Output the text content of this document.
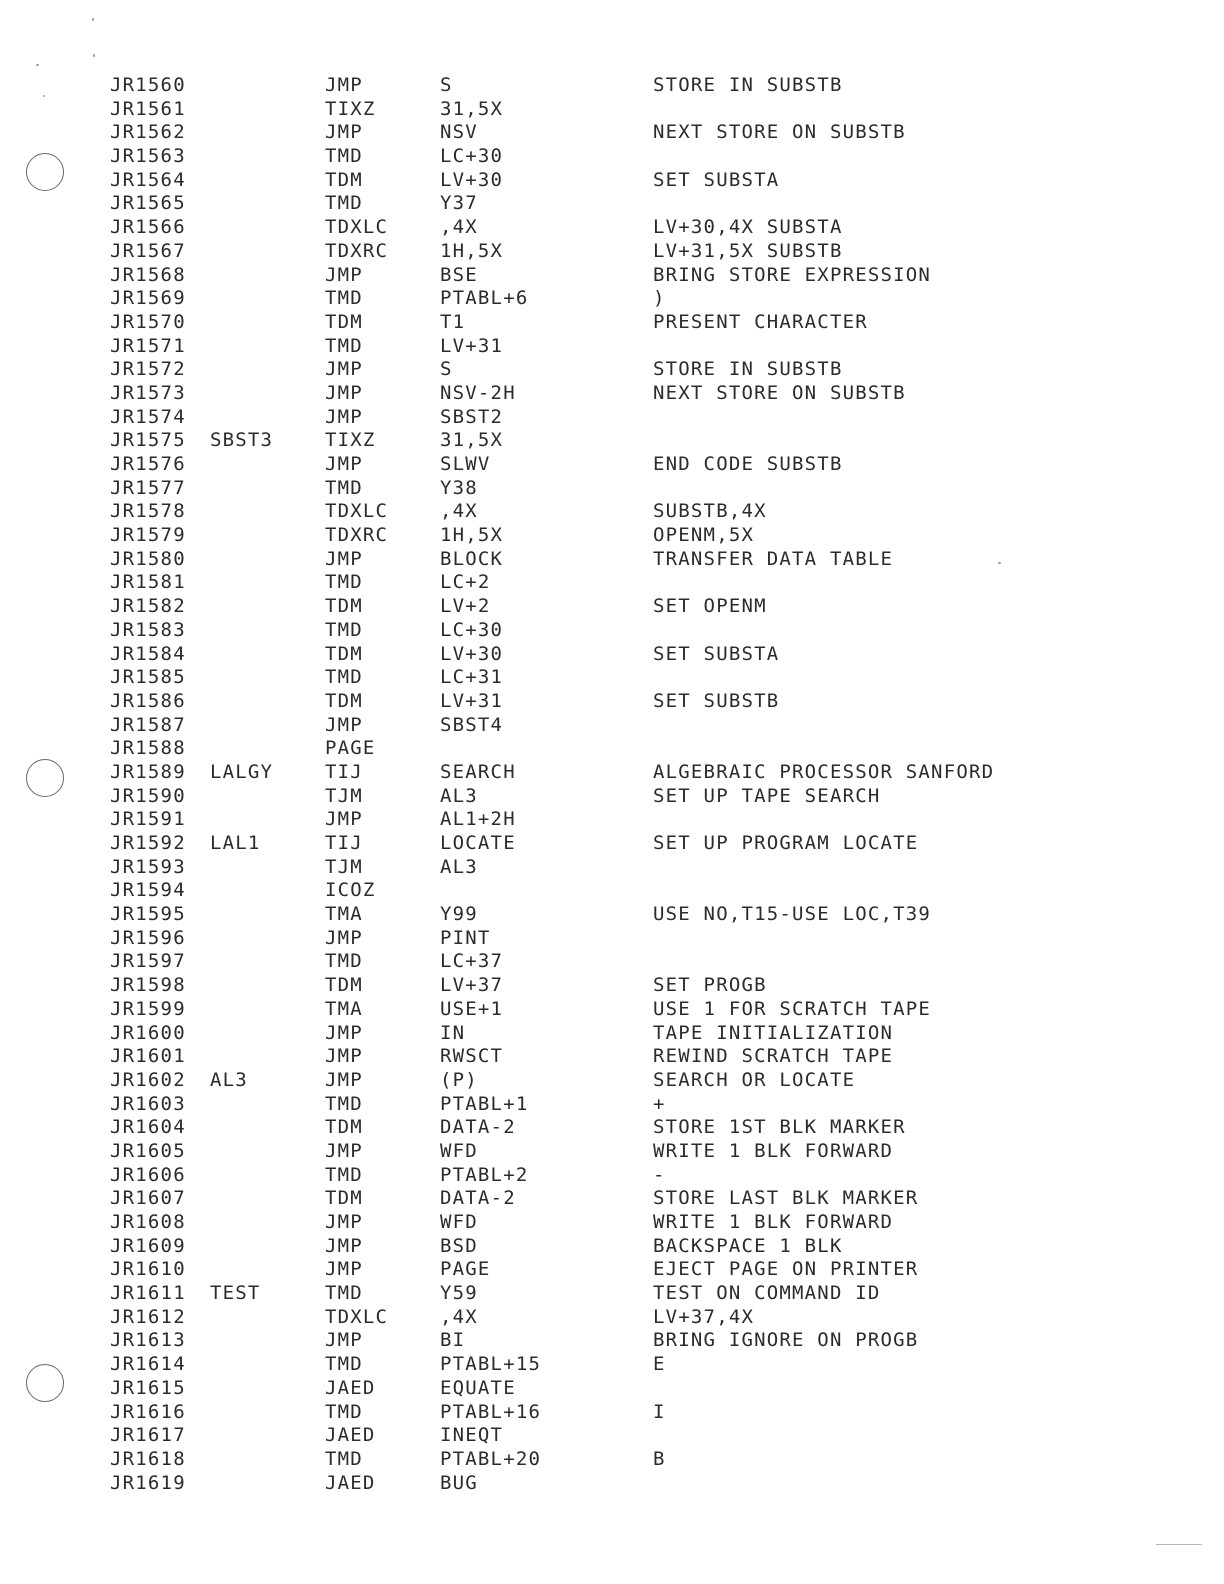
JR1560	JMP	S	STORE IN SUBSTB
JR1561	TIXZ	31,5X
JR1562	JMP	NSV	NEXT STORE ON SUBSTB
JR1563	TMD	LC+30
JR1564	TDM	LV+30	SET SUBSTA
JR1565	TMD	Y37
JR1566	TDXLC	,4X	LV+30,4X SUBSTA
JR1567	TDXRC	1H,5X	LV+31,5X SUBSTB
JR1568	JMP	BSE	BRING STORE EXPRESSION
JR1569	TMD	PTABL+6	)
JR1570	TDM	T1	PRESENT CHARACTER
JR1571	TMD	LV+31
JR1572	JMP	S	STORE IN SUBSTB
JR1573	JMP	NSV-2H	NEXT STORE ON SUBSTB
JR1574	JMP	SBST2
JR1575 SBST3	TIXZ	31,5X
JR1576	JMP	SLWV	END CODE SUBSTB
JR1577	TMD	Y38
JR1578	TDXLC	,4X	SUBSTB,4X
JR1579	TDXRC	1H,5X	OPENM,5X
JR1580	JMP	BLOCK	TRANSFER DATA TABLE
JR1581	TMD	LC+2
JR1582	TDM	LV+2	SET OPENM
JR1583	TMD	LC+30
JR1584	TDM	LV+30	SET SUBSTA
JR1585	TMD	LC+31
JR1586	TDM	LV+31	SET SUBSTB
JR1587	JMP	SBST4
JR1588	PAGE
JR1589 LALGY	TIJ	SEARCH	ALGEBRAIC PROCESSOR SANFORD
JR1590	TJM	AL3	SET UP TAPE SEARCH
JR1591	JMP	AL1+2H
JR1592 LAL1	TIJ	LOCATE	SET UP PROGRAM LOCATE
JR1593	TJM	AL3
JR1594	ICOZ
JR1595	TMA	Y99	USE NO,T15-USE LOC,T39
JR1596	JMP	PINT
JR1597	TMD	LC+37
JR1598	TDM	LV+37	SET PROGB
JR1599	TMA	USE+1	USE 1 FOR SCRATCH TAPE
JR1600	JMP	IN	TAPE INITIALIZATION
JR1601	JMP	RWSCT	REWIND SCRATCH TAPE
JR1602 AL3	JMP	(P)	SEARCH OR LOCATE
JR1603	TMD	PTABL+1	+
JR1604	TDM	DATA-2	STORE 1ST BLK MARKER
JR1605	JMP	WFD	WRITE 1 BLK FORWARD
JR1606	TMD	PTABL+2	-
JR1607	TDM	DATA-2	STORE LAST BLK MARKER
JR1608	JMP	WFD	WRITE 1 BLK FORWARD
JR1609	JMP	BSD	BACKSPACE 1 BLK
JR1610	JMP	PAGE	EJECT PAGE ON PRINTER
JR1611 TEST	TMD	Y59	TEST ON COMMAND ID
JR1612	TDXLC	,4X	LV+37,4X
JR1613	JMP	BI	BRING IGNORE ON PROGB
JR1614	TMD	PTABL+15	E
JR1615	JAED	EQUATE
JR1616	TMD	PTABL+16	I
JR1617	JAED	INEQT
JR1618	TMD	PTABL+20	B
JR1619	JAED	BUG
